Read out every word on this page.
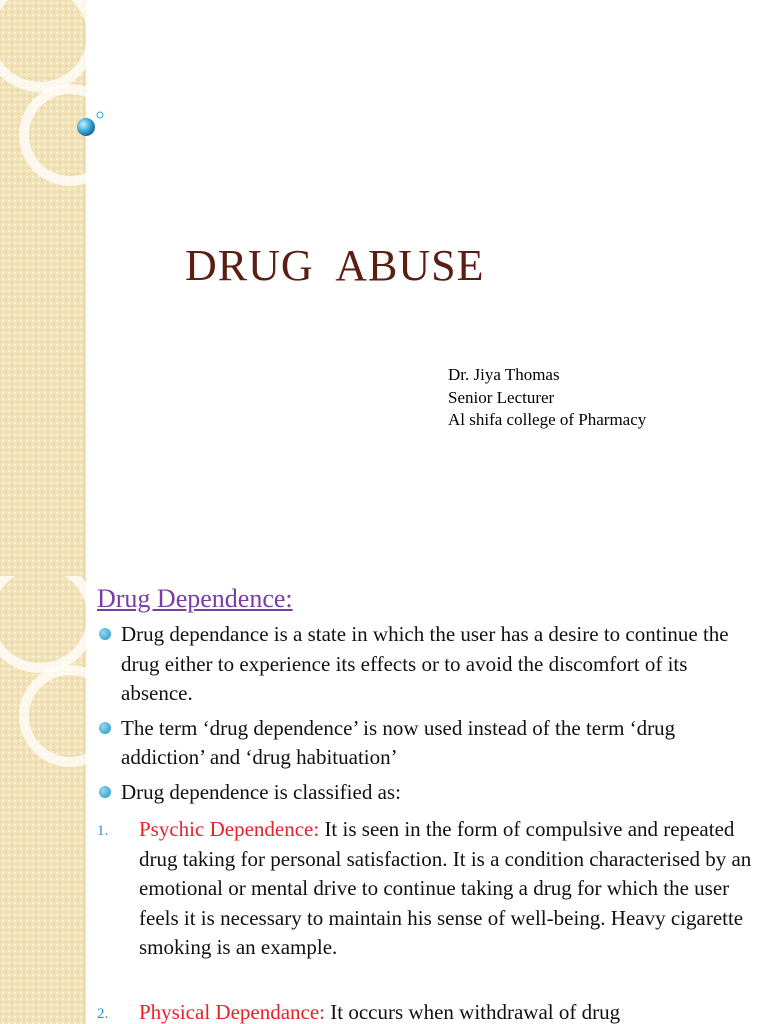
DRUG  ABUSE
Dr. Jiya Thomas
Senior Lecturer
Al shifa college of Pharmacy
Drug Dependence:
Drug dependance is a state in which the user has a desire to continue the drug either to experience its effects or to avoid the discomfort of its absence.
The term ‘drug dependence’ is now used instead of the term ‘drug addiction’ and ‘drug habituation’
Drug dependence is classified as:
1. Psychic Dependence: It is seen in the form of compulsive and repeated drug taking for personal satisfaction. It is a condition characterised by an emotional or mental drive to continue taking a drug for which the user feels it is necessary to maintain his sense of well-being. Heavy cigarette smoking is an example.
2. Physical Dependance: It occurs when withdrawal of drug
